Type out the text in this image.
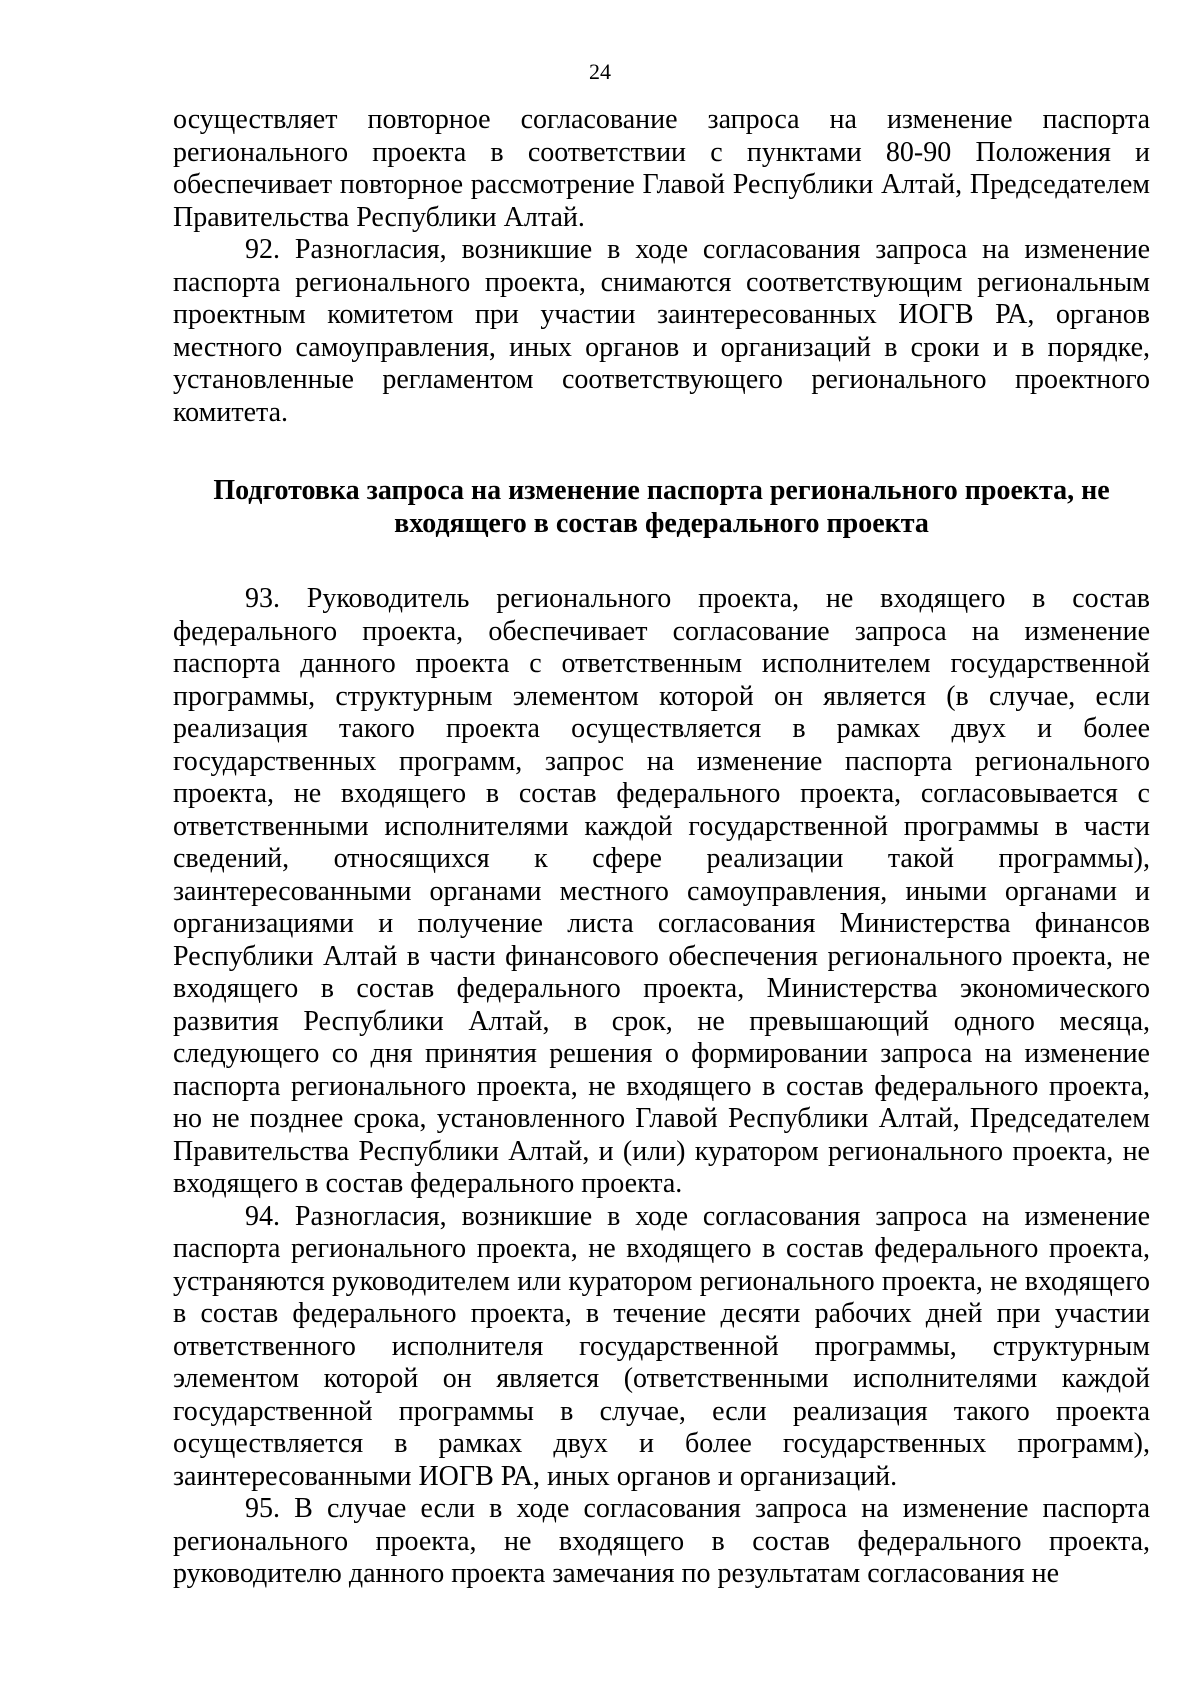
24

осуществляет повторное согласование запроса на изменение паспорта регионального проекта в соответствии с пунктами 80-90 Положения и обеспечивает повторное рассмотрение Главой Республики Алтай, Председателем Правительства Республики Алтай.

92. Разногласия, возникшие в ходе согласования запроса на изменение паспорта регионального проекта, снимаются соответствующим региональным проектным комитетом при участии заинтересованных ИОГВ РА, органов местного самоуправления, иных органов и организаций в сроки и в порядке, установленные регламентом соответствующего регионального проектного комитета.

Подготовка запроса на изменение паспорта регионального проекта, не
входящего в состав федерального проекта

93. Руководитель регионального проекта, не входящего в состав федерального проекта, обеспечивает согласование запроса на изменение паспорта данного проекта с ответственным исполнителем государственной программы, структурным элементом которой он является (в случае, если реализация такого проекта осуществляется в рамках двух и более государственных программ, запрос на изменение паспорта регионального проекта, не входящего в состав федерального проекта, согласовывается с ответственными исполнителями каждой государственной программы в части сведений, относящихся к сфере реализации такой программы), заинтересованными органами местного самоуправления, иными органами и организациями и получение листа согласования Министерства финансов Республики Алтай в части финансового обеспечения регионального проекта, не входящего в состав федерального проекта, Министерства экономического развития Республики Алтай, в срок, не превышающий одного месяца, следующего со дня принятия решения о формировании запроса на изменение паспорта регионального проекта, не входящего в состав федерального проекта, но не позднее срока, установленного Главой Республики Алтай, Председателем Правительства Республики Алтай, и (или) куратором регионального проекта, не входящего в состав федерального проекта.

94. Разногласия, возникшие в ходе согласования запроса на изменение паспорта регионального проекта, не входящего в состав федерального проекта, устраняются руководителем или куратором регионального проекта, не входящего в состав федерального проекта, в течение десяти рабочих дней при участии ответственного исполнителя государственной программы, структурным элементом которой он является (ответственными исполнителями каждой государственной программы в случае, если реализация такого проекта осуществляется в рамках двух и более государственных программ), заинтересованными ИОГВ РА, иных органов и организаций.

95. В случае если в ходе согласования запроса на изменение паспорта регионального проекта, не входящего в состав федерального проекта, руководителю данного проекта замечания по результатам согласования не
